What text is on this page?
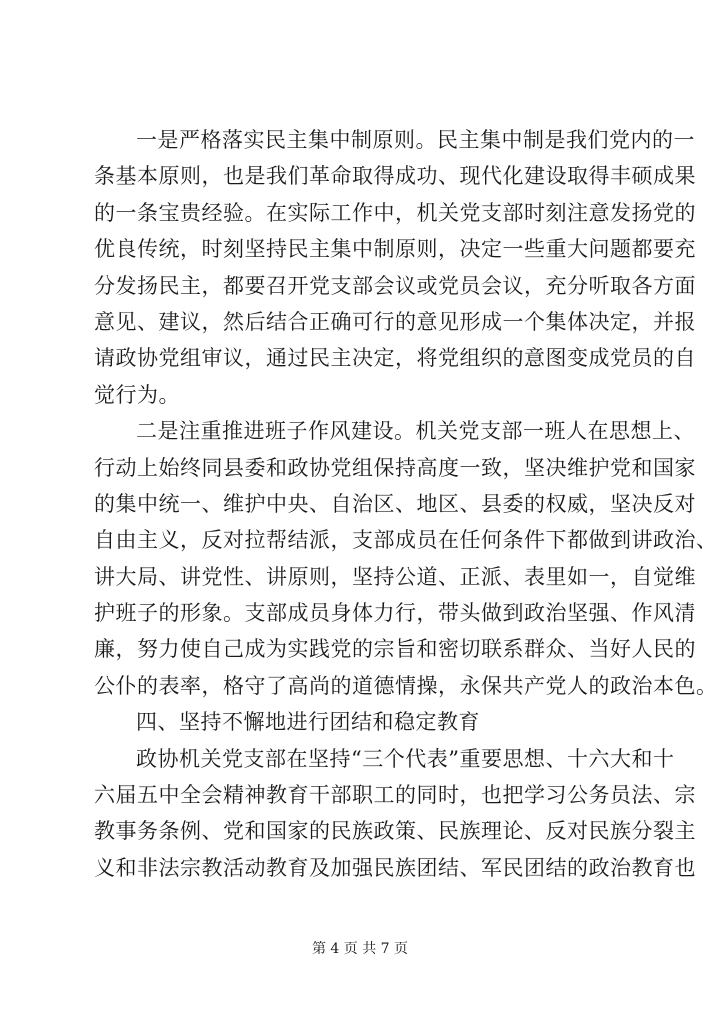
一是严格落实民主集中制原则。民主集中制是我们党内的一
条基本原则，也是我们革命取得成功、现代化建设取得丰硕成果
的一条宝贵经验。在实际工作中，机关党支部时刻注意发扬党的
优良传统，时刻坚持民主集中制原则，决定一些重大问题都要充
分发扬民主，都要召开党支部会议或党员会议，充分听取各方面
意见、建议，然后结合正确可行的意见形成一个集体决定，并报
请政协党组审议，通过民主决定，将党组织的意图变成党员的自
觉行为。
二是注重推进班子作风建设。机关党支部一班人在思想上、
行动上始终同县委和政协党组保持高度一致，坚决维护党和国家
的集中统一、维护中央、自治区、地区、县委的权威，坚决反对
自由主义，反对拉帮结派，支部成员在任何条件下都做到讲政治、
讲大局、讲党性、讲原则，坚持公道、正派、表里如一，自觉维
护班子的形象。支部成员身体力行，带头做到政治坚强、作风清
廉，努力使自己成为实践党的宗旨和密切联系群众、当好人民的
公仆的表率，格守了高尚的道德情操，永保共产党人的政治本色。
四、坚持不懈地进行团结和稳定教育
政协机关党支部在坚持“三个代表”重要思想、十六大和十
六届五中全会精神教育干部职工的同时，也把学习公务员法、宗
教事务条例、党和国家的民族政策、民族理论、反对民族分裂主
义和非法宗教活动教育及加强民族团结、军民团结的政治教育也
第 4 页 共 7 页
